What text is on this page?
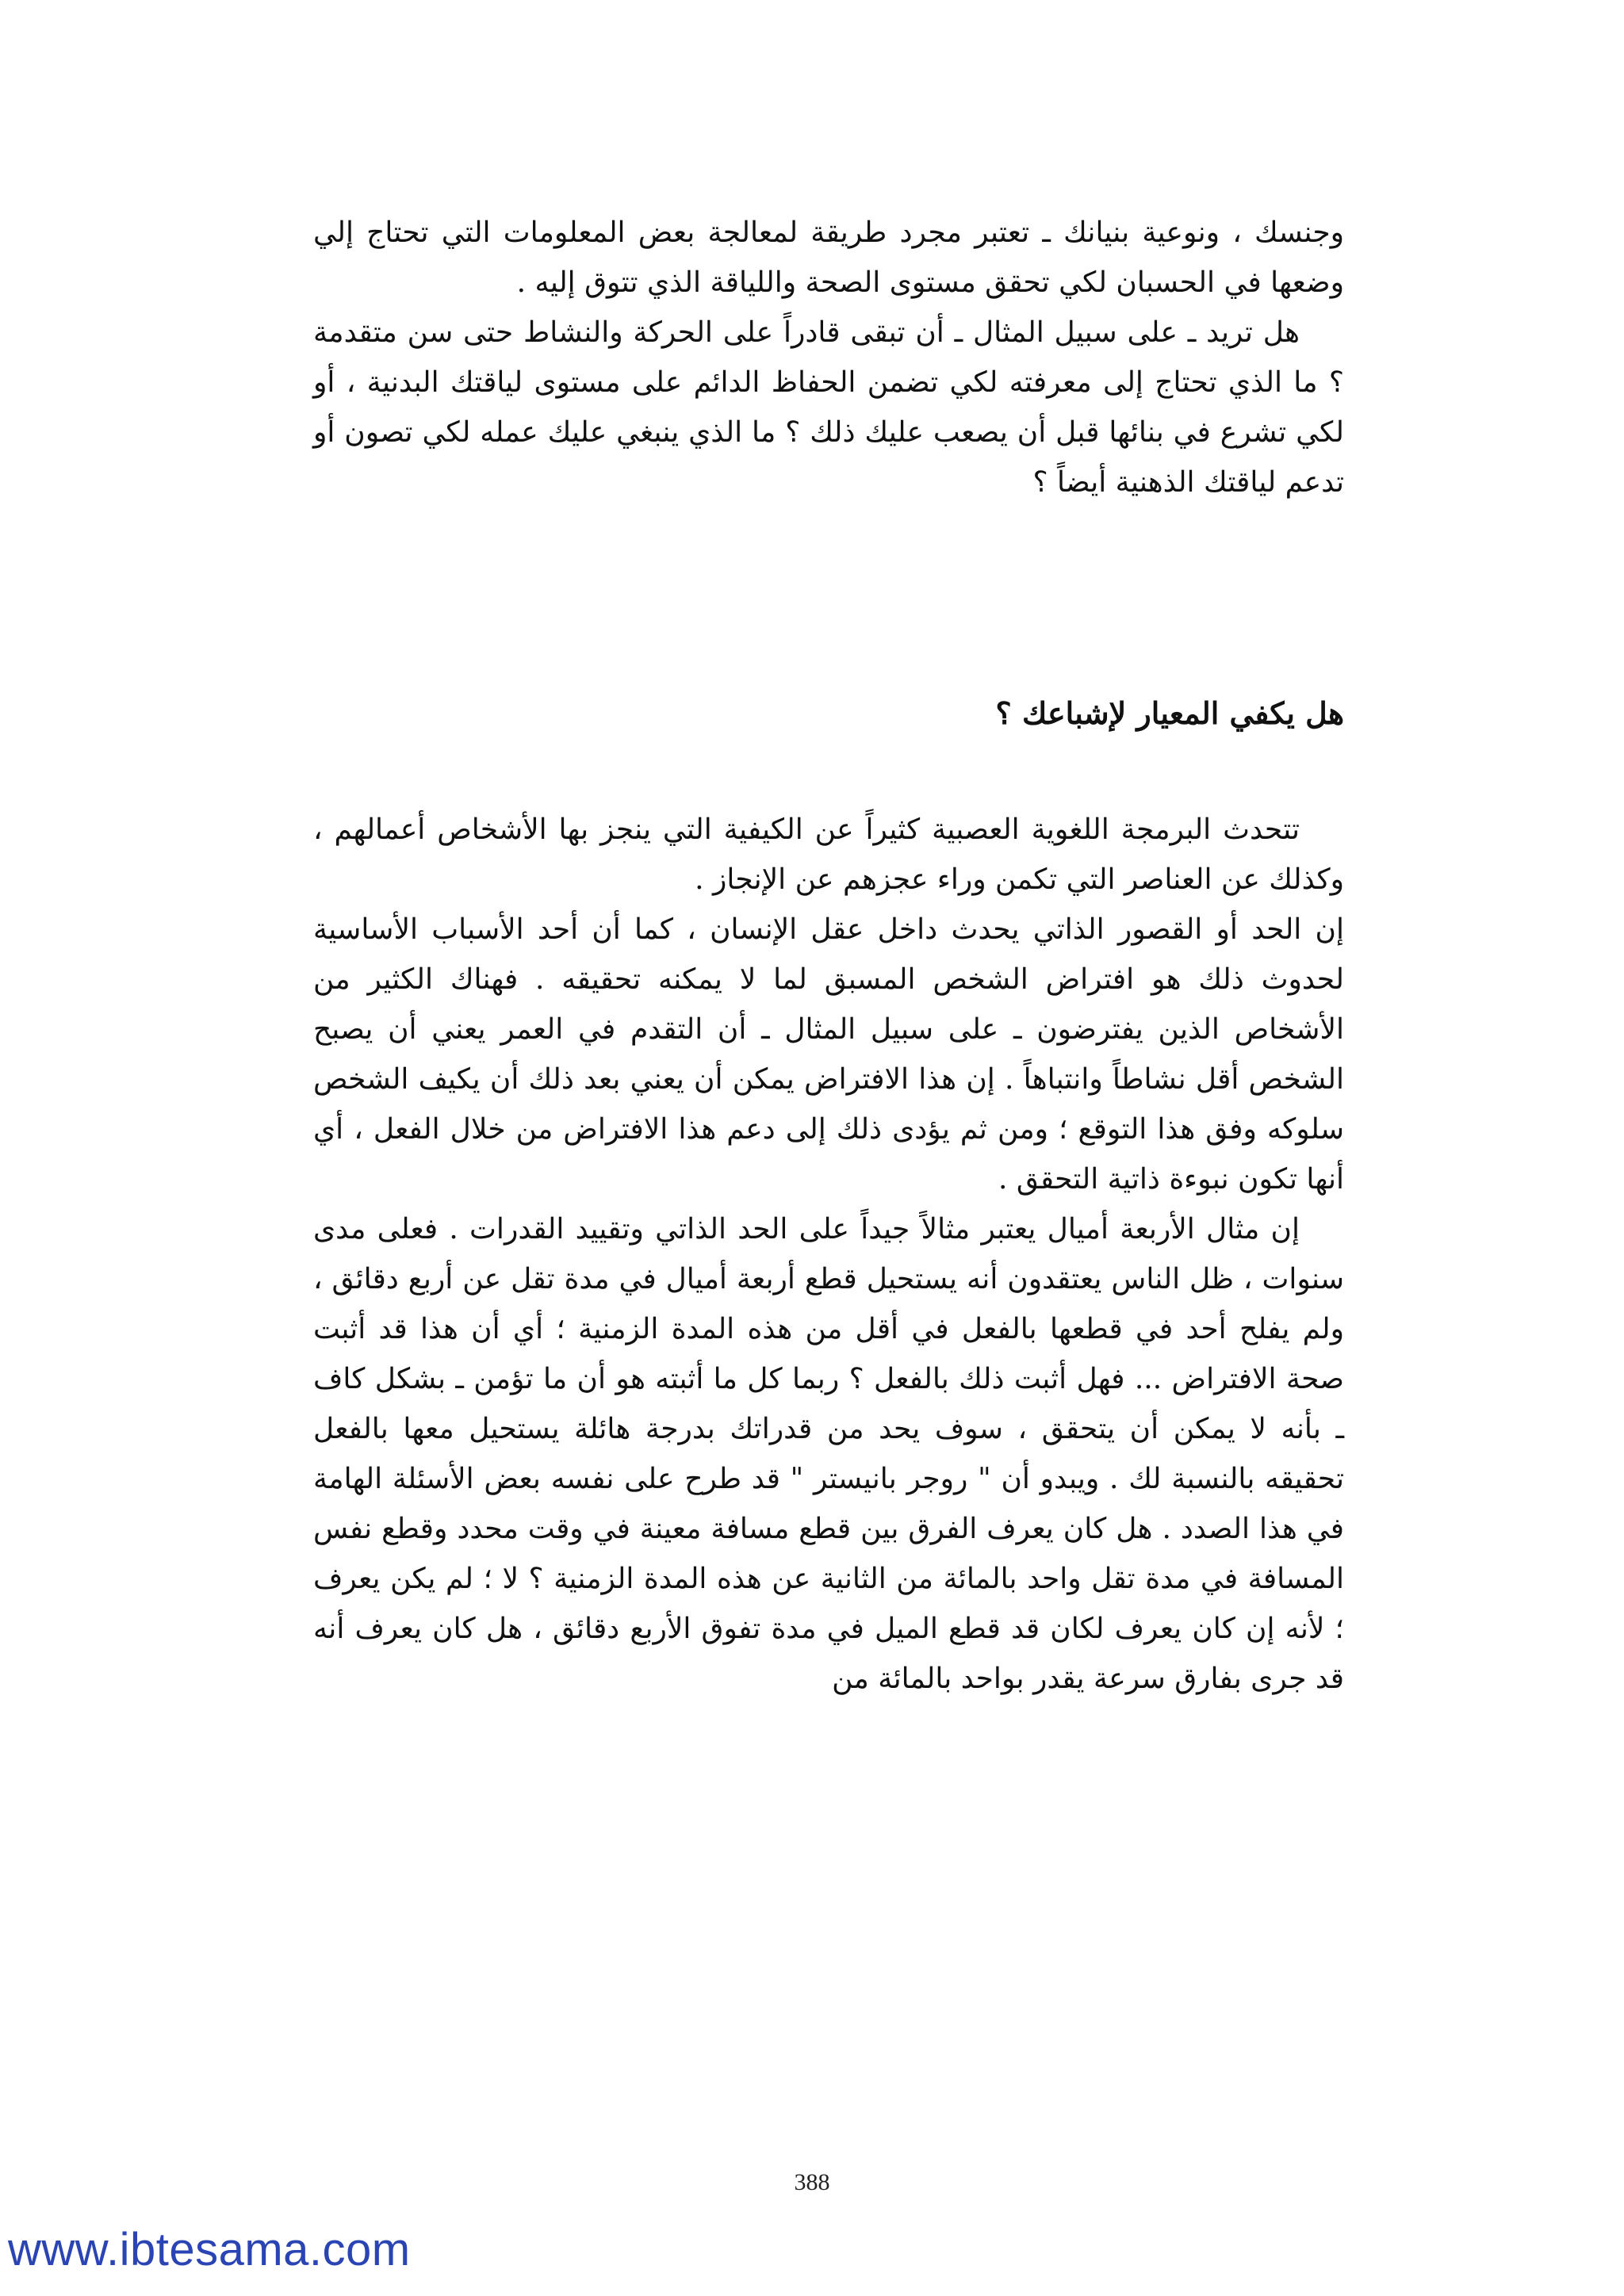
وجنسك ، ونوعية بنيانك ـ تعتبر مجرد طريقة لمعالجة بعض المعلومات التي تحتاج إلي وضعها في الحسبان لكي تحقق مستوى الصحة واللياقة الذي تتوق إليه .

هل تريد ـ على سبيل المثال ـ أن تبقى قادراً على الحركة والنشاط حتى سن متقدمة ؟ ما الذي تحتاج إلى معرفته لكي تضمن الحفاظ الدائم على مستوى لياقتك البدنية ، أو لكي تشرع في بنائها قبل أن يصعب عليك ذلك ؟ ما الذي ينبغي عليك عمله لكي تصون أو تدعم لياقتك الذهنية أيضاً ؟

هل يكفي المعيار لإشباعك ؟

تتحدث البرمجة اللغوية العصبية كثيراً عن الكيفية التي ينجز بها الأشخاص أعمالهم ، وكذلك عن العناصر التي تكمن وراء عجزهم عن الإنجاز .

إن الحد أو القصور الذاتي يحدث داخل عقل الإنسان ، كما أن أحد الأسباب الأساسية لحدوث ذلك هو افتراض الشخص المسبق لما لا يمكنه تحقيقه . فهناك الكثير من الأشخاص الذين يفترضون ـ على سبيل المثال ـ أن التقدم في العمر يعني أن يصبح الشخص أقل نشاطاً وانتباهاً . إن هذا الافتراض يمكن أن يعني بعد ذلك أن يكيف الشخص سلوكه وفق هذا التوقع ؛ ومن ثم يؤدى ذلك إلى دعم هذا الافتراض من خلال الفعل ، أي أنها تكون نبوءة ذاتية التحقق .

إن مثال الأربعة أميال يعتبر مثالاً جيداً على الحد الذاتي وتقييد القدرات . فعلى مدى سنوات ، ظل الناس يعتقدون أنه يستحيل قطع أربعة أميال في مدة تقل عن أربع دقائق ، ولم يفلح أحد في قطعها بالفعل في أقل من هذه المدة الزمنية ؛ أي أن هذا قد أثبت صحة الافتراض ... فهل أثبت ذلك بالفعل ؟ ربما كل ما أثبته هو أن ما تؤمن ـ بشكل كاف ـ بأنه لا يمكن أن يتحقق ، سوف يحد من قدراتك بدرجة هائلة يستحيل معها بالفعل تحقيقه بالنسبة لك . ويبدو أن " روجر بانيستر " قد طرح على نفسه بعض الأسئلة الهامة في هذا الصدد . هل كان يعرف الفرق بين قطع مسافة معينة في وقت محدد وقطع نفس المسافة في مدة تقل واحد بالمائة من الثانية عن هذه المدة الزمنية ؟ لا ؛ لم يكن يعرف ؛ لأنه إن كان يعرف لكان قد قطع الميل في مدة تفوق الأربع دقائق ، هل كان يعرف أنه قد جرى بفارق سرعة يقدر بواحد بالمائة من

388
www.ibtesama.com
